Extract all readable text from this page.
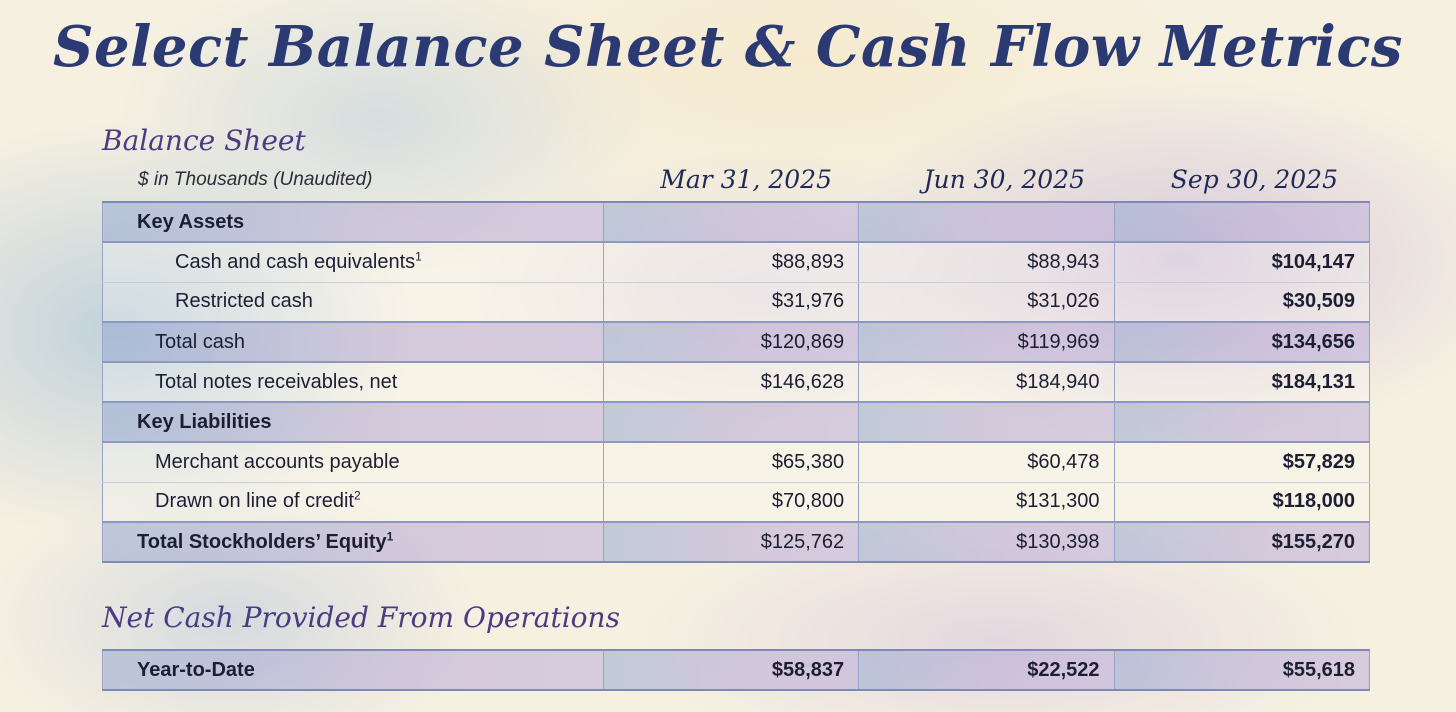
Select Balance Sheet & Cash Flow Metrics
Balance Sheet
$ in Thousands (Unaudited)	Mar 31, 2025	Jun 30, 2025	Sep 30, 2025
Key Assets			
Cash and cash equivalents$^1$	$88,893	$88,943	$104,147
Restricted cash	$31,976	$31,026	$30,509
Total cash	$120,869	$119,969	$134,656
Total notes receivables, net	$146,628	$184,940	$184,131
Key Liabilities			
Merchant accounts payable	$65,380	$60,478	$57,829
Drawn on line of credit$^2$	$70,800	$131,300	$118,000
Total Stockholders’ Equity$^1$	$125,762	$130,398	$155,270
Net Cash Provided From Operations
Year-to-Date	$58,837	$22,522	$55,618
